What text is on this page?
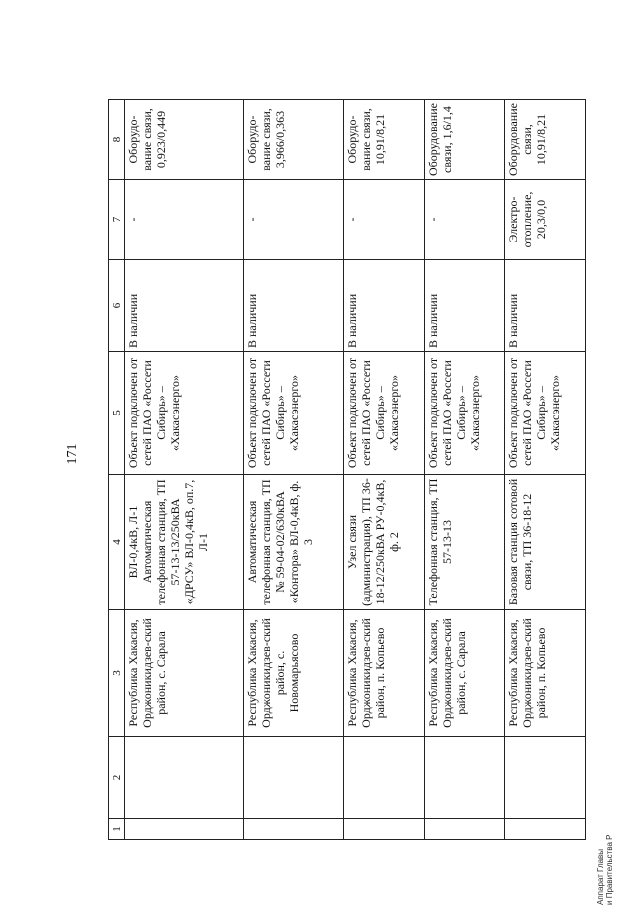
171
1	2	3	4	5	6	7	8
		Республика Хакасия, Орджоникидзев-ский район, с. Сарала	ВЛ-0,4кВ, Л-1 Автоматическая телефонная станция, ТП 57-13-13/250кВА «ДРСУ» ВЛ-0,4кВ, оп.7, Л-1	Объект подключен от сетей ПАО «Россети Сибирь» – «Хакасэнерго»	В наличии	-	Оборудо-вание связи, 0,923/0,449
		Республика Хакасия, Орджоникидзев-ский район, с. Новомарьясово	Автоматическая телефонная станция, ТП № 59-04-02/630кВА «Контора» ВЛ-0,4кВ, ф. 3	Объект подключен от сетей ПАО «Россети Сибирь» – «Хакасэнерго»	В наличии	-	Оборудо-вание связи, 3,966/0,363
		Республика Хакасия, Орджоникидзев-ский район, п. Копьево	Узел связи (администрация), ТП 36-18-12/250кВА РУ-0,4кВ, ф. 2	Объект подключен от сетей ПАО «Россети Сибирь» – «Хакасэнерго»	В наличии	-	Оборудо-вание связи, 10,91/8,21
		Республика Хакасия, Орджоникидзев-ский район, с. Сарала	Телефонная станция, ТП 57-13-13	Объект подключен от сетей ПАО «Россети Сибирь» – «Хакасэнерго»	В наличии	-	Оборудование связи, 1,6/1,4
		Республика Хакасия, Орджоникидзев-ский район, п. Копьево	Базовая станция сотовой связи, ТП 36-18-12	Объект подключен от сетей ПАО «Россети Сибирь» – «Хакасэнерго»	В наличии	Электро-отопление, 20,3/0,0	Оборудование связи, 10,91/8,21
Аппарат Главы и Правительства Р
